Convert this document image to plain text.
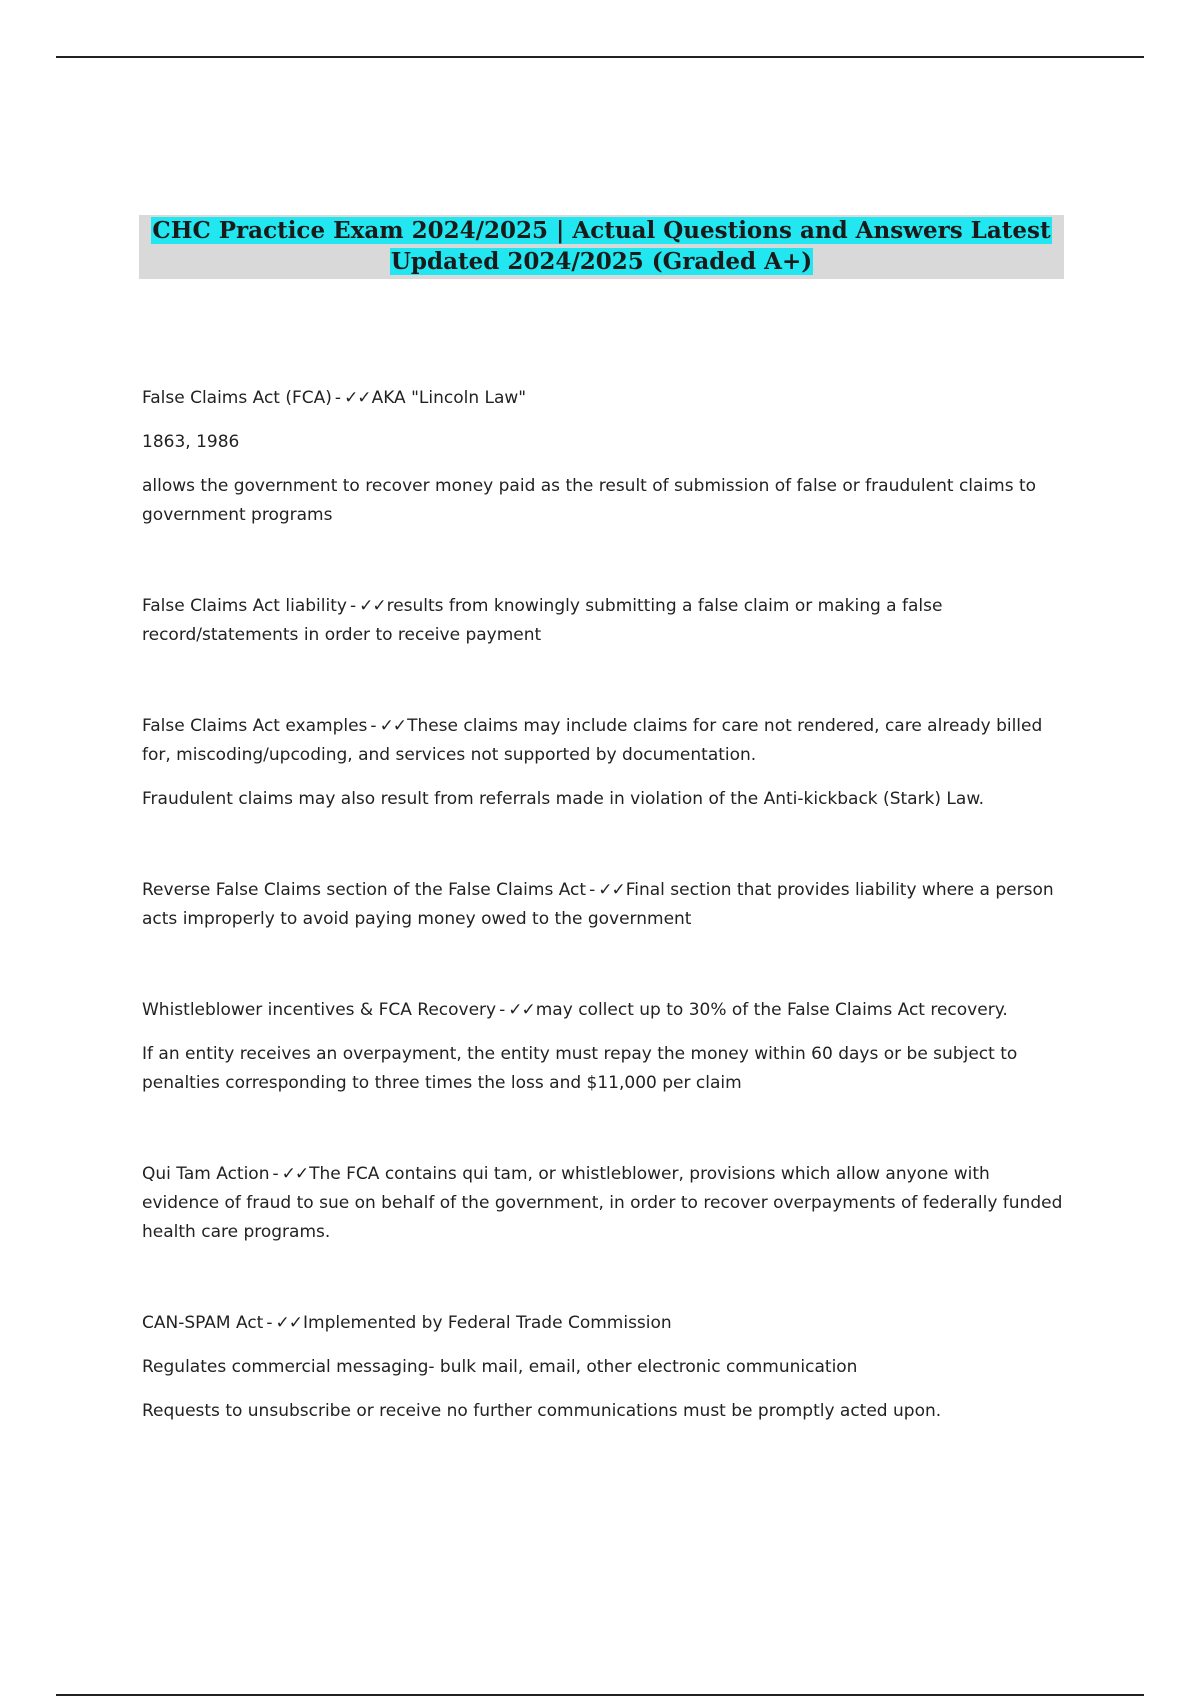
CHC Practice Exam 2024/2025 | Actual Questions and Answers Latest
Updated 2024/2025 (Graded A+)

False Claims Act (FCA) - ✓✓AKA "Lincoln Law"

1863, 1986

allows the government to recover money paid as the result of submission of false or fraudulent claims to government programs

False Claims Act liability - ✓✓results from knowingly submitting a false claim or making a false record/statements in order to receive payment

False Claims Act examples - ✓✓These claims may include claims for care not rendered, care already billed for, miscoding/upcoding, and services not supported by documentation.

Fraudulent claims may also result from referrals made in violation of the Anti-kickback (Stark) Law.

Reverse False Claims section of the False Claims Act - ✓✓Final section that provides liability where a person acts improperly to avoid paying money owed to the government

Whistleblower incentives & FCA Recovery - ✓✓may collect up to 30% of the False Claims Act recovery.

If an entity receives an overpayment, the entity must repay the money within 60 days or be subject to penalties corresponding to three times the loss and $11,000 per claim

Qui Tam Action - ✓✓The FCA contains qui tam, or whistleblower, provisions which allow anyone with evidence of fraud to sue on behalf of the government, in order to recover overpayments of federally funded health care programs.

CAN-SPAM Act - ✓✓Implemented by Federal Trade Commission

Regulates commercial messaging- bulk mail, email, other electronic communication

Requests to unsubscribe or receive no further communications must be promptly acted upon.
